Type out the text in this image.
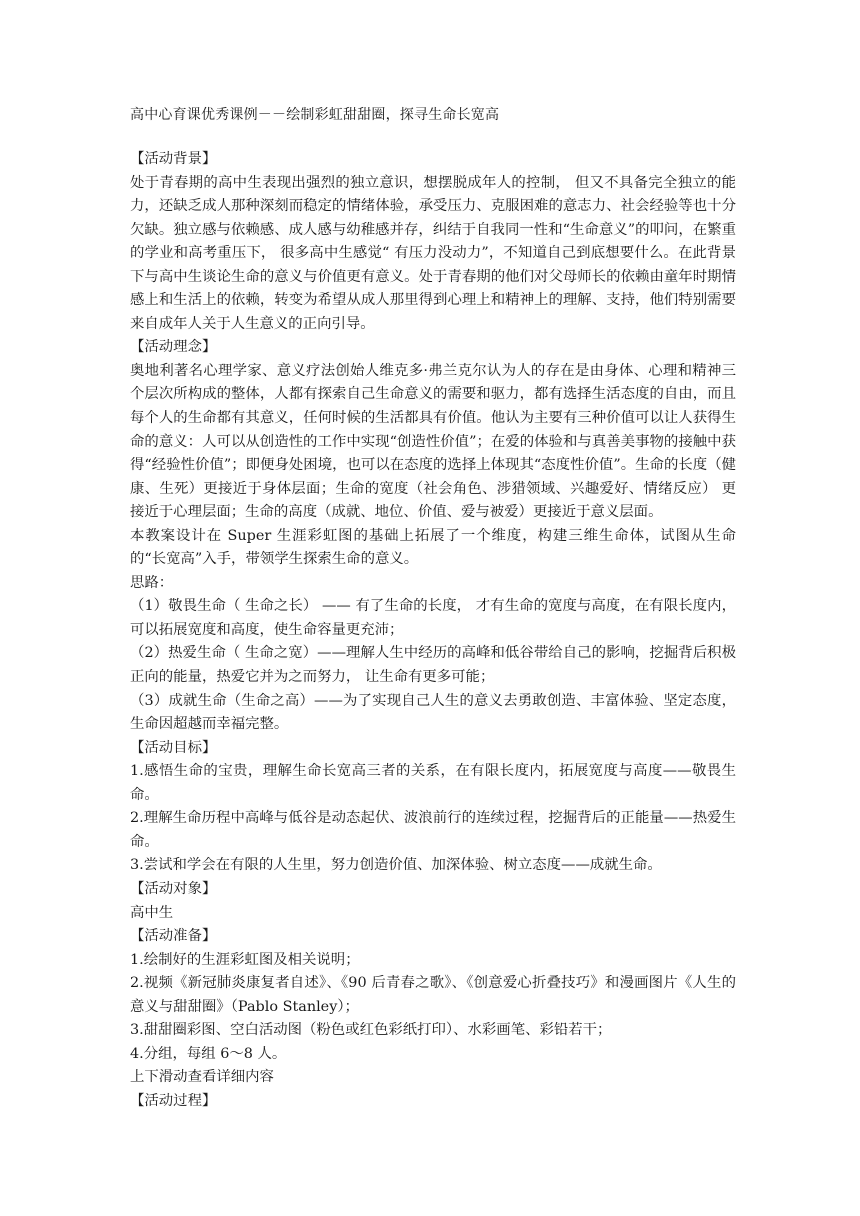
高中心育课优秀课例－－绘制彩虹甜甜圈，探寻生命长宽高

【活动背景】

处于青春期的高中生表现出强烈的独立意识，想摆脱成年人的控制， 但又不具备完全独立的能力，还缺乏成人那种深刻而稳定的情绪体验，承受压力、克服困难的意志力、社会经验等也十分欠缺。独立感与依赖感、成人感与幼稚感并存，纠结于自我同一性和“生命意义”的叩问，在繁重的学业和高考重压下， 很多高中生感觉“ 有压力没动力”，不知道自己到底想要什么。在此背景下与高中生谈论生命的意义与价值更有意义。处于青春期的他们对父母师长的依赖由童年时期情感上和生活上的依赖，转变为希望从成人那里得到心理上和精神上的理解、支持，他们特别需要来自成年人关于人生意义的正向引导。

【活动理念】

奥地利著名心理学家、意义疗法创始人维克多·弗兰克尔认为人的存在是由身体、心理和精神三个层次所构成的整体，人都有探索自己生命意义的需要和驱力，都有选择生活态度的自由，而且每个人的生命都有其意义，任何时候的生活都具有价值。他认为主要有三种价值可以让人获得生命的意义：人可以从创造性的工作中实现“创造性价值”；在爱的体验和与真善美事物的接触中获得“经验性价值”；即便身处困境，也可以在态度的选择上体现其“态度性价值”。生命的长度（健康、生死）更接近于身体层面；生命的宽度（社会角色、涉猎领域、兴趣爱好、情绪反应） 更接近于心理层面；生命的高度（成就、地位、价值、爱与被爱）更接近于意义层面。

本教案设计在 Super 生涯彩虹图的基础上拓展了一个维度，构建三维生命体，试图从生命的“长宽高”入手，带领学生探索生命的意义。

思路：

（1）敬畏生命（ 生命之长） —— 有了生命的长度， 才有生命的宽度与高度，在有限长度内，可以拓展宽度和高度，使生命容量更充沛；

（2）热爱生命（ 生命之宽）——理解人生中经历的高峰和低谷带给自己的影响，挖掘背后积极正向的能量，热爱它并为之而努力， 让生命有更多可能；

（3）成就生命（生命之高）——为了实现自己人生的意义去勇敢创造、丰富体验、坚定态度，生命因超越而幸福完整。

【活动目标】

1.感悟生命的宝贵，理解生命长宽高三者的关系，在有限长度内，拓展宽度与高度——敬畏生命。

2.理解生命历程中高峰与低谷是动态起伏、波浪前行的连续过程，挖掘背后的正能量——热爱生命。

3.尝试和学会在有限的人生里，努力创造价值、加深体验、树立态度——成就生命。

【活动对象】

高中生

【活动准备】

1.绘制好的生涯彩虹图及相关说明；

2.视频《新冠肺炎康复者自述》、《90 后青春之歌》、《创意爱心折叠技巧》和漫画图片《人生的意义与甜甜圈》（Pablo Stanley）；

3.甜甜圈彩图、空白活动图（粉色或红色彩纸打印）、水彩画笔、彩铅若干；

4.分组，每组 6～8 人。

上下滑动查看详细内容

【活动过程】
